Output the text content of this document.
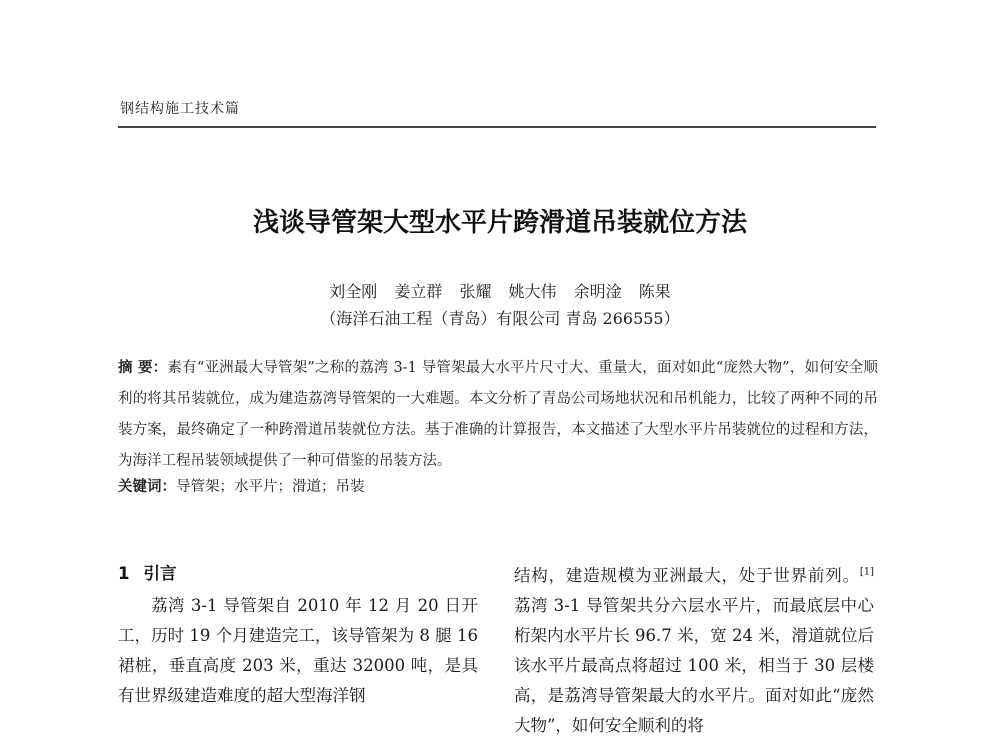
钢结构施工技术篇
浅谈导管架大型水平片跨滑道吊装就位方法
刘全刚 姜立群 张耀 姚大伟 余明淦 陈果
（海洋石油工程（青岛）有限公司 青岛 266555）
摘 要：素有“亚洲最大导管架”之称的荔湾 3-1 导管架最大水平片尺寸大、重量大，面对如此“庞然大物”，如何安全顺利的将其吊装就位，成为建造荔湾导管架的一大难题。本文分析了青岛公司场地状况和吊机能力，比较了两种不同的吊装方案，最终确定了一种跨滑道吊装就位方法。基于准确的计算报告，本文描述了大型水平片吊装就位的过程和方法，为海洋工程吊装领域提供了一种可借鉴的吊装方法。
关键词：导管架；水平片；滑道；吊装
1 引言
荔湾 3-1 导管架自 2010 年 12 月 20 日开工，历时 19 个月建造完工，该导管架为 8 腿 16 裙桩，垂直高度 203 米，重达 32000 吨，是具有世界级建造难度的超大型海洋钢
结构，建造规模为亚洲最大，处于世界前列。[1]荔湾 3-1 导管架共分六层水平片，而最底层中心桁架内水平片长 96.7 米，宽 24 米，滑道就位后该水平片最高点将超过 100 米，相当于 30 层楼高，是荔湾导管架最大的水平片。面对如此“庞然大物”，如何安全顺利的将
